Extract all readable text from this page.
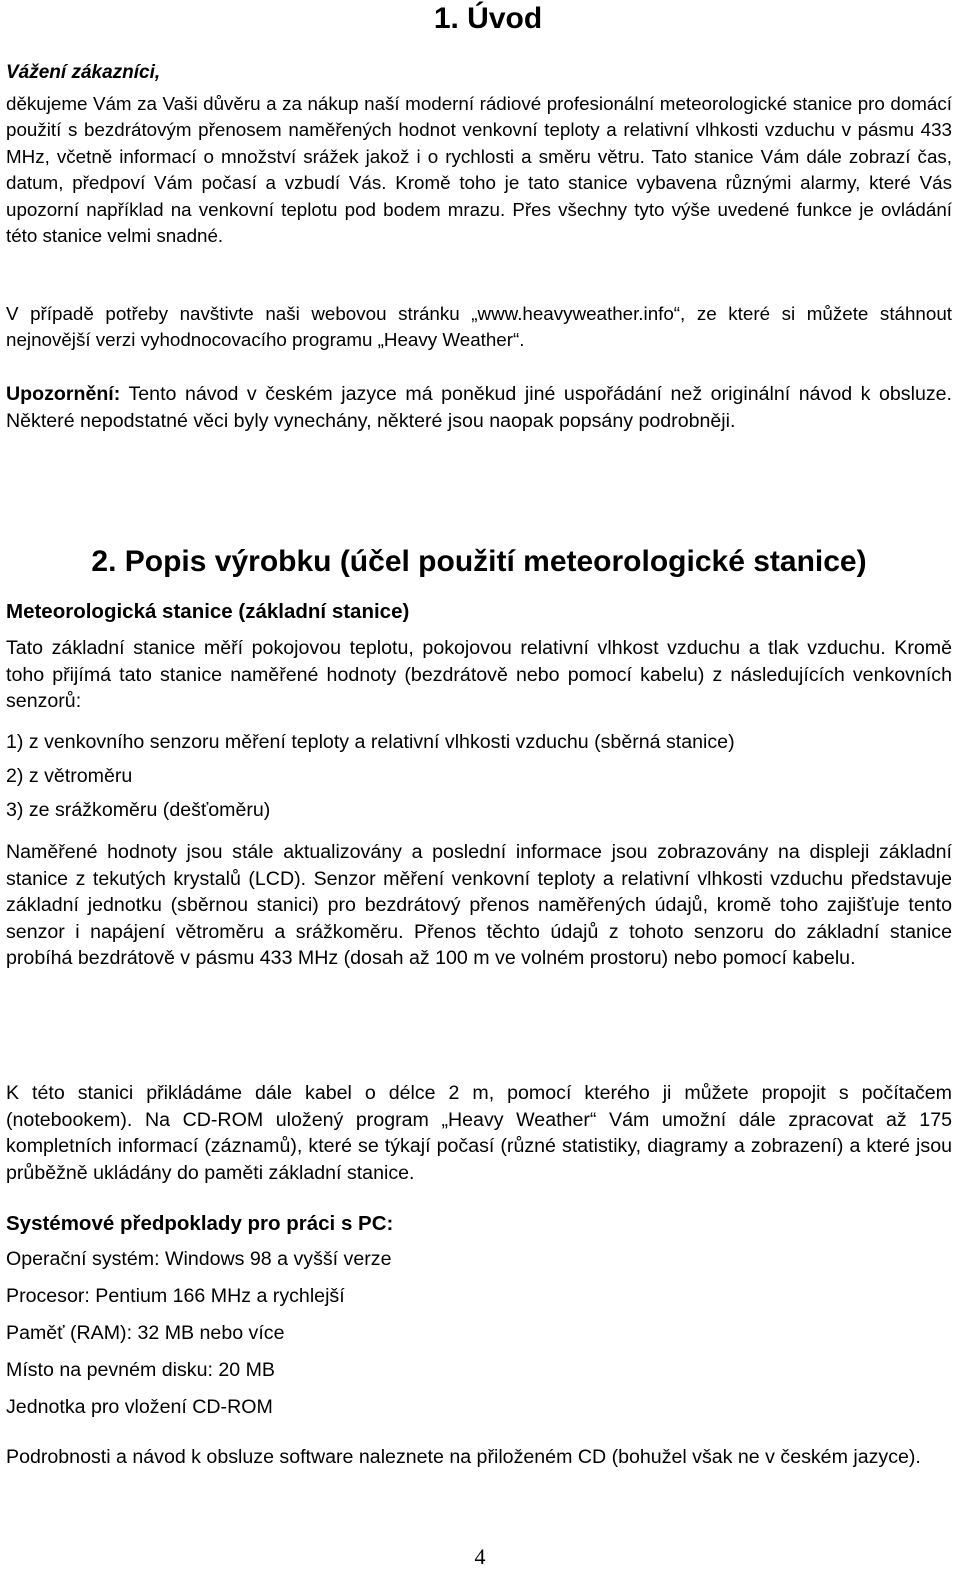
1. Úvod

Vážení zákazníci,

děkujeme Vám za Vaši důvěru a za nákup naší moderní rádiové profesionální meteorologické stanice pro domácí použití s bezdrátovým přenosem naměřených hodnot venkovní teploty a relativní vlhkosti vzduchu v pásmu 433 MHz, včetně informací o množství srážek jakož i o rychlosti a směru větru. Tato stanice Vám dále zobrazí čas, datum, předpoví Vám počasí a vzbudí Vás. Kromě toho je tato stanice vybavena různými alarmy, které Vás upozorní například na venkovní teplotu pod bodem mrazu. Přes všechny tyto výše uvedené funkce je ovládání této stanice velmi snadné.
V případě potřeby navštivte naši webovou stránku „www.heavyweather.info“, ze které si můžete stáhnout nejnovější verzi vyhodnocovacího programu „Heavy Weather“.
Upozornění: Tento návod v českém jazyce má poněkud jiné uspořádání než originální návod k obsluze. Některé nepodstatné věci byly vynechány, některé jsou naopak popsány podrobněji.
2. Popis výrobku (účel použití meteorologické stanice)
Meteorologická stanice (základní stanice)
Tato základní stanice měří pokojovou teplotu, pokojovou relativní vlhkost vzduchu a tlak vzduchu. Kromě toho přijímá tato stanice naměřené hodnoty (bezdrátově nebo pomocí kabelu) z následujících venkovních senzorů:
1) z venkovního senzoru měření teploty a relativní vlhkosti vzduchu (sběrná stanice)
2) z větroměru
3) ze srážkoměru (dešťoměru)
Naměřené hodnoty jsou stále aktualizovány a poslední informace jsou zobrazovány na displeji základní stanice z tekutých krystalů (LCD). Senzor měření venkovní teploty a relativní vlhkosti vzduchu představuje základní jednotku (sběrnou stanici) pro bezdrátový přenos naměřených údajů, kromě toho zajišťuje tento senzor i napájení větroměru a srážkoměru. Přenos těchto údajů z tohoto senzoru do základní stanice probíhá bezdrátově v pásmu 433 MHz (dosah až 100 m ve volném prostoru) nebo pomocí kabelu.
K této stanici přikládáme dále kabel o délce 2 m, pomocí kterého ji můžete propojit s počítačem (notebookem). Na CD-ROM uložený program „Heavy Weather“ Vám umožní dále zpracovat až 175 kompletních informací (záznamů), které se týkají počasí (různé statistiky, diagramy a zobrazení) a které jsou průběžně ukládány do paměti základní stanice.
Systémové předpoklady pro práci s PC:
Operační systém: Windows 98 a vyšší verze
Procesor: Pentium 166 MHz a rychlejší
Paměť (RAM): 32 MB nebo více
Místo na pevném disku: 20 MB
Jednotka pro vložení CD-ROM
Podrobnosti a návod k obsluze software naleznete na přiloženém CD (bohužel však ne v českém jazyce).
4
